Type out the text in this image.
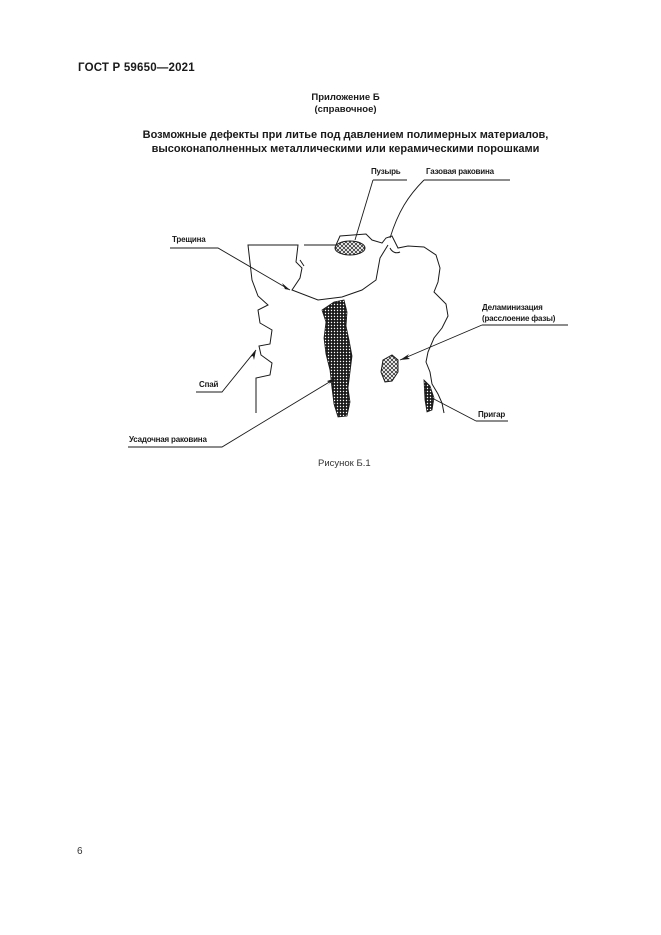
ГОСТ Р 59650—2021
Приложение Б
(справочное)
Возможные дефекты при литье под давлением полимерных материалов,
высоконаполненных металлическими или керамическими порошками
Пузырь	Газовая раковина
Трещина
Деламинизация
(расслоение фазы)
Спай
Усадочная раковина
Пригар
Рисунок Б.1
6
